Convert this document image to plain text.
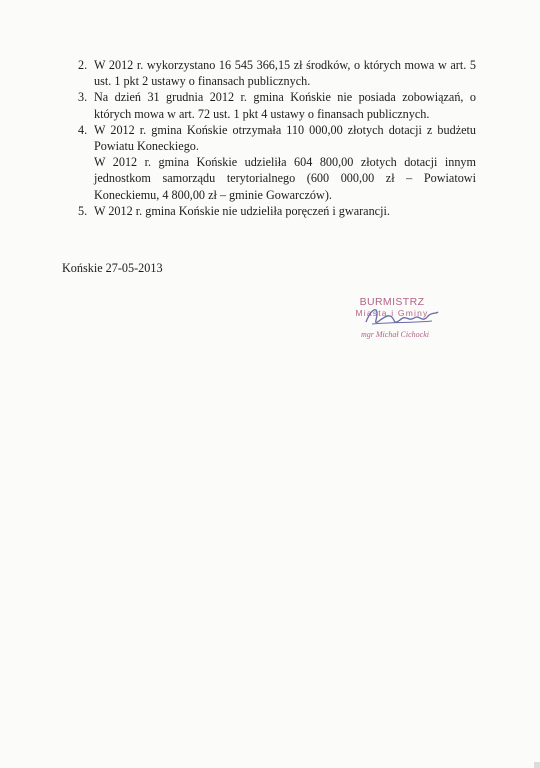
2. W 2012 r. wykorzystano 16 545 366,15 zł środków, o których mowa w art. 5 ust. 1 pkt 2 ustawy o finansach publicznych.
3. Na dzień 31 grudnia 2012 r. gmina Końskie nie posiada zobowiązań, o których mowa w art. 72 ust. 1 pkt 4 ustawy o finansach publicznych.
4. W 2012 r. gmina Końskie otrzymała 110 000,00 złotych dotacji z budżetu Powiatu Koneckiego.
W 2012 r. gmina Końskie udzieliła 604 800,00 złotych dotacji innym jednostkom samorządu terytorialnego (600 000,00 zł – Powiatowi Koneckiemu, 4 800,00 zł – gminie Gowarczów).
5. W 2012 r. gmina Końskie nie udzieliła poręczeń i gwarancji.
Końskie 27-05-2013
BURMISTRZ
Miasta i Gminy
mgr Michał Cichocki
